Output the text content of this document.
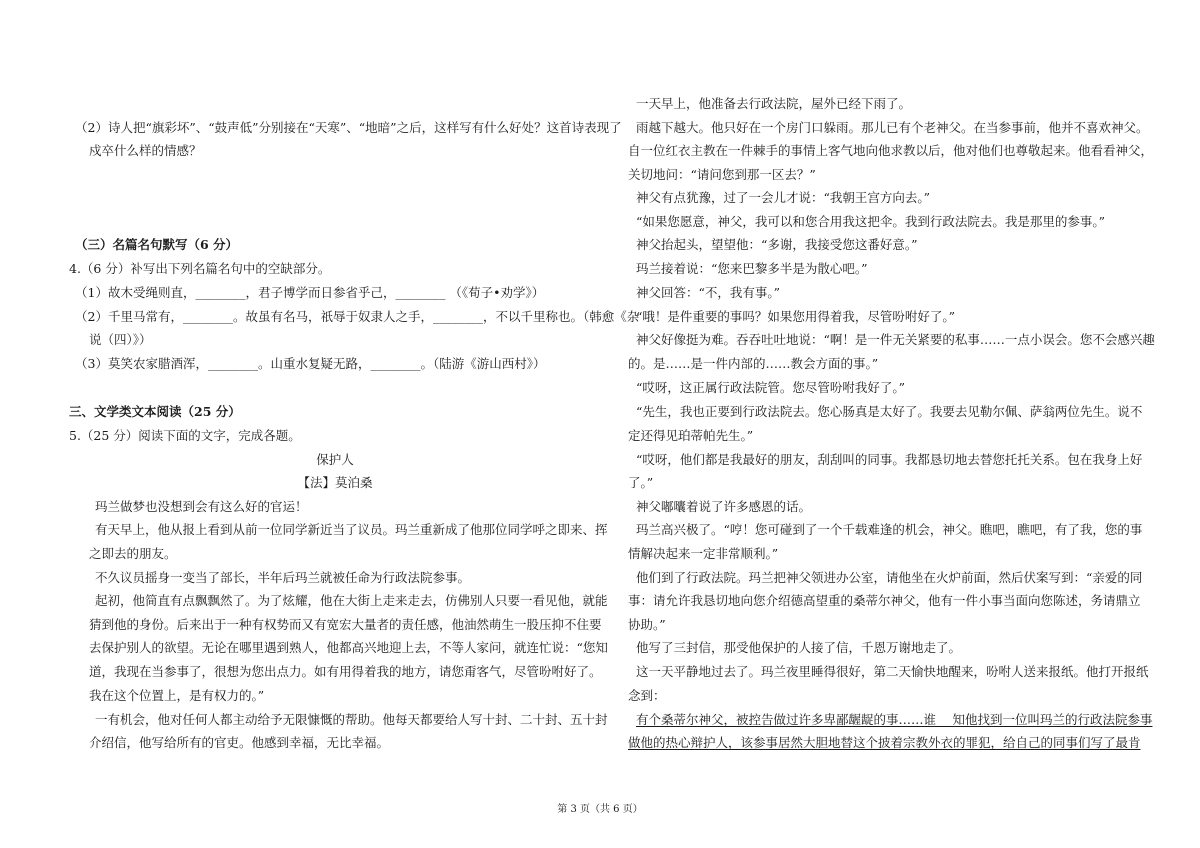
（2）诗人把“旗彩坏”、“鼓声低”分别接在“天寒”、“地暗”之后，这样写有什么好处？这首诗表现了
戍卒什么样的情感？
（三）名篇名句默写（6 分）
4.（6 分）补写出下列名篇名句中的空缺部分。
（1）故木受绳则直，________，君子博学而日参省乎己，________ （《荀子•劝学》）
（2）千里马常有，________。故虽有名马，祇辱于奴隶人之手，________，不以千里称也。（韩愈《杂
说（四）》）
（3）莫笑农家腊酒浑，________。山重水复疑无路，________。（陆游《游山西村》）
三、文学类文本阅读（25 分）
5.（25 分）阅读下面的文字，完成各题。
保护人
【法】莫泊桑
玛兰做梦也没想到会有这么好的官运！
有天早上，他从报上看到从前一位同学新近当了议员。玛兰重新成了他那位同学呼之即来、挥
之即去的朋友。
不久议员摇身一变当了部长，半年后玛兰就被任命为行政法院参事。
起初，他简直有点飘飘然了。为了炫耀，他在大街上走来走去，仿佛别人只要一看见他，就能
猜到他的身份。后来出于一种有权势而又有宽宏大量者的责任感，他油然萌生一股压抑不住要
去保护别人的欲望。无论在哪里遇到熟人，他都高兴地迎上去，不等人家问，就连忙说：“您知
道，我现在当参事了，很想为您出点力。如有用得着我的地方，请您甭客气，尽管吩咐好了。
我在这个位置上，是有权力的。”
一有机会，他对任何人都主动给予无限慷慨的帮助。他每天都要给人写十封、二十封、五十封
介绍信，他写给所有的官吏。他感到幸福，无比幸福。
一天早上，他准备去行政法院，屋外已经下雨了。
雨越下越大。他只好在一个房门口躲雨。那儿已有个老神父。在当参事前，他并不喜欢神父。
自一位红衣主教在一件棘手的事情上客气地向他求教以后，他对他们也尊敬起来。他看看神父，
关切地问：“请问您到那一区去？”
神父有点犹豫，过了一会儿才说：“我朝王宫方向去。”
“如果您愿意，神父，我可以和您合用我这把伞。我到行政法院去。我是那里的参事。”
神父抬起头，望望他：“多谢，我接受您这番好意。”
玛兰接着说：“您来巴黎多半是为散心吧。”
神父回答：“不，我有事。”
“哦！是件重要的事吗？如果您用得着我，尽管吩咐好了。”
神父好像挺为难。吞吞吐吐地说：“啊！是一件无关紧要的私事……一点小误会。您不会感兴趣
的。是……是一件内部的……教会方面的事。”
“哎呀，这正属行政法院管。您尽管吩咐我好了。”
“先生，我也正要到行政法院去。您心肠真是太好了。我要去见勒尔佩、萨翁两位先生。说不
定还得见珀蒂帕先生。”
“哎呀，他们都是我最好的朋友，刮刮叫的同事。我都恳切地去替您托托关系。包在我身上好
了。”
神父嘟囔着说了许多感恩的话。
玛兰高兴极了。“哼！您可碰到了一个千载难逢的机会，神父。瞧吧，瞧吧，有了我，您的事
情解决起来一定非常顺利。”
他们到了行政法院。玛兰把神父领进办公室，请他坐在火炉前面，然后伏案写到：“亲爱的同
事：请允许我恳切地向您介绍德高望重的桑蒂尔神父，他有一件小事当面向您陈述，务请鼎立
协助。”
他写了三封信，那受他保护的人接了信，千恩万谢地走了。
这一天平静地过去了。玛兰夜里睡得很好，第二天愉快地醒来，吩咐人送来报纸。他打开报纸
念到：
有个桑蒂尔神父，被控告做过许多卑鄙龌龊的事……谁　 知他找到一位叫玛兰的行政法院参事
做他的热心辩护人，该参事居然大胆地替这个披着宗教外衣的罪犯，给自己的同事们写了最肯
第 3 页（共 6 页）
